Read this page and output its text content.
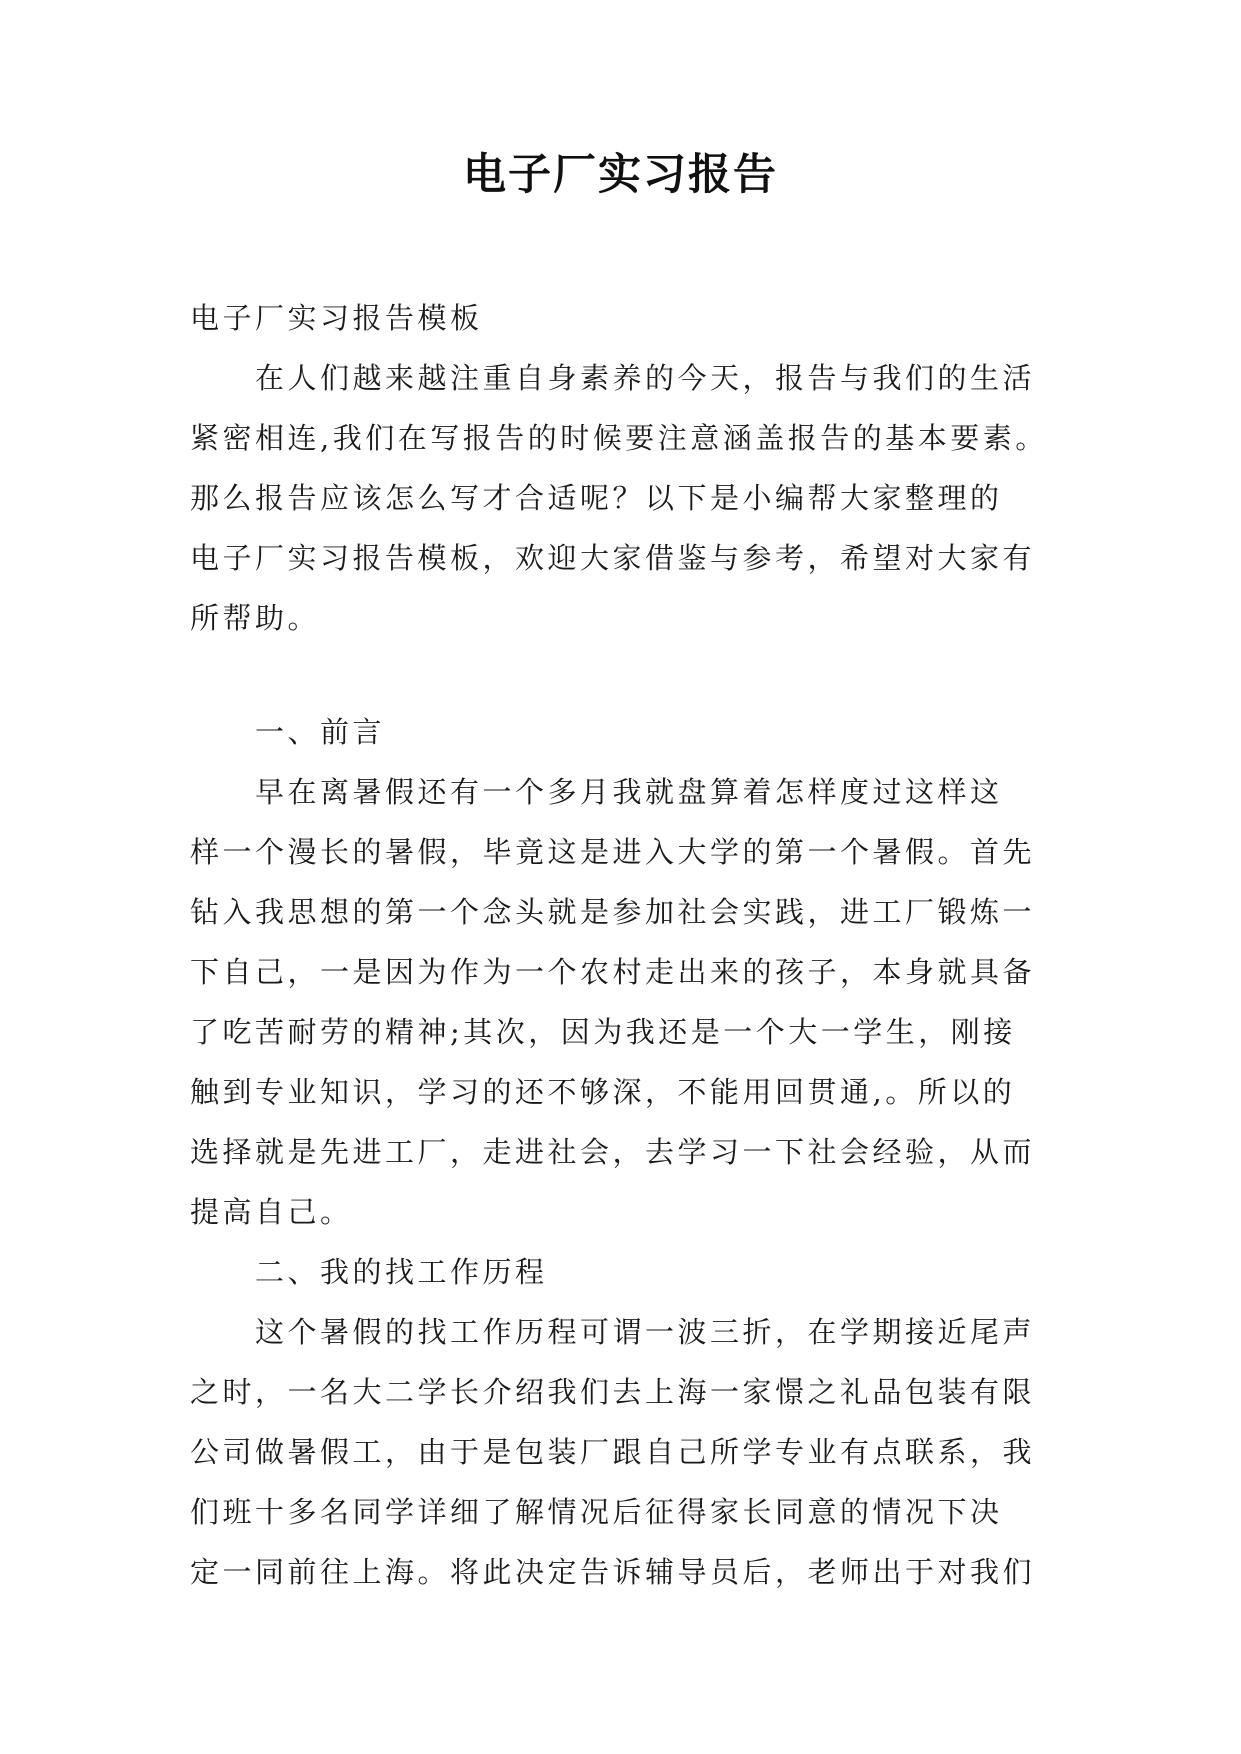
电子厂实习报告
电子厂实习报告模板
在人们越来越注重自身素养的今天，报告与我们的生活
紧密相连,我们在写报告的时候要注意涵盖报告的基本要素。
那么报告应该怎么写才合适呢？以下是小编帮大家整理的
电子厂实习报告模板，欢迎大家借鉴与参考，希望对大家有
所帮助。
一、前言
早在离暑假还有一个多月我就盘算着怎样度过这样这
样一个漫长的暑假，毕竟这是进入大学的第一个暑假。首先
钻入我思想的第一个念头就是参加社会实践，进工厂锻炼一
下自己，一是因为作为一个农村走出来的孩子，本身就具备
了吃苦耐劳的精神;其次，因为我还是一个大一学生，刚接
触到专业知识，学习的还不够深，不能用回贯通,。所以的
选择就是先进工厂，走进社会，去学习一下社会经验，从而
提高自己。
二、我的找工作历程
这个暑假的找工作历程可谓一波三折，在学期接近尾声
之时，一名大二学长介绍我们去上海一家憬之礼品包装有限
公司做暑假工，由于是包装厂跟自己所学专业有点联系，我
们班十多名同学详细了解情况后征得家长同意的情况下决
定一同前往上海。将此决定告诉辅导员后，老师出于对我们
